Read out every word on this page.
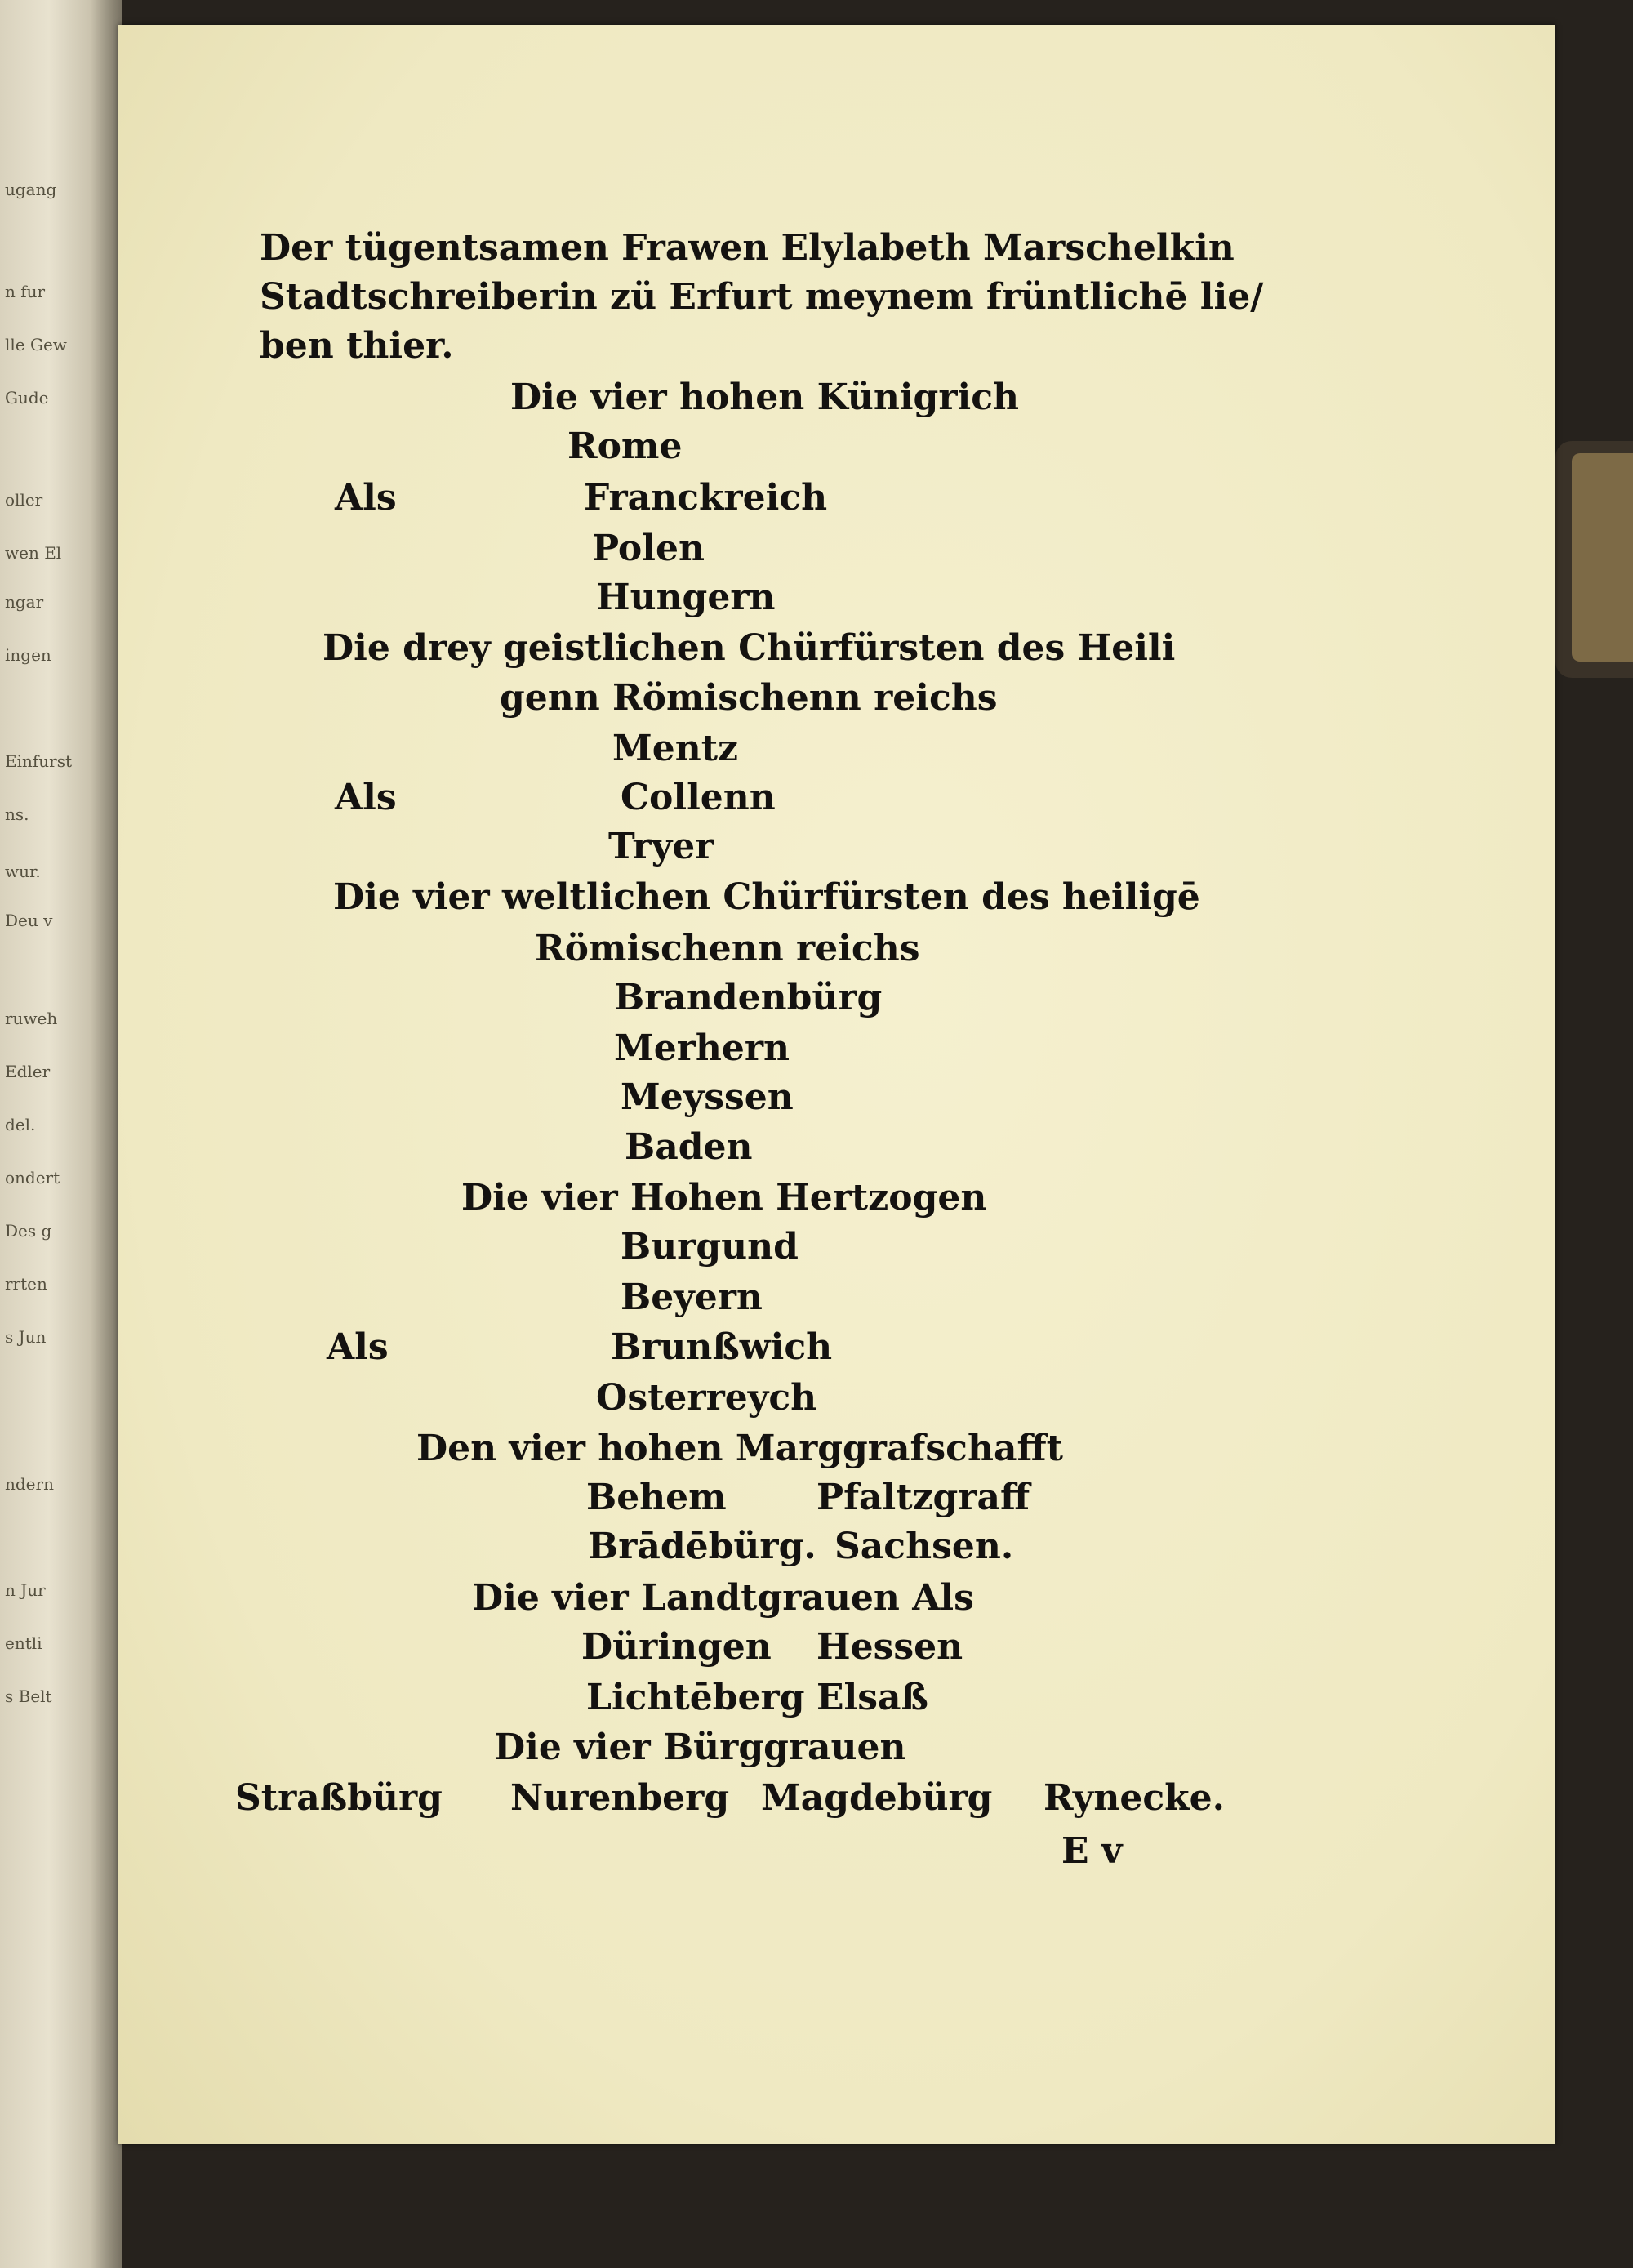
ugang
n fur
lle Gew
Gude
oller
wen El
ngar
ingen
Einfurst
ns.
wur.
Deu v
ruweh
Edler
del.
ondert
Des g
rrten
s Jun
ndern
n Jur
entli
s Belt
Der tügentsamen Frawen Elylabeth Marschelkin
Stadtschreiberin zü Erfurt meynem früntlichē lie/
ben thier.
Die vier hohen Künigrich
Rome
Als	Franckreich
Polen
Hungern
Die drey geistlichen Chürfürsten des Heili
genn Römischenn reichs
Mentz
Als	Collenn
Tryer
Die vier weltlichen Chürfürsten des heiligē
Römischenn reichs
Brandenbürg
Merhern
Meyssen
Baden
Die vier Hohen Hertzogen
Burgund
Beyern
Als	Brunßwich
Osterreych
Den vier hohen Marggrafschafft
Behem	Pfaltzgraff
Brādēbürg. Sachsen.
Die vier Landtgrauen Als
Düringen Hessen
Lichtēberg Elsaß
Die vier Bürggrauen
Straßbürg Nurenberg Magdebürg Rynecke.
E v
